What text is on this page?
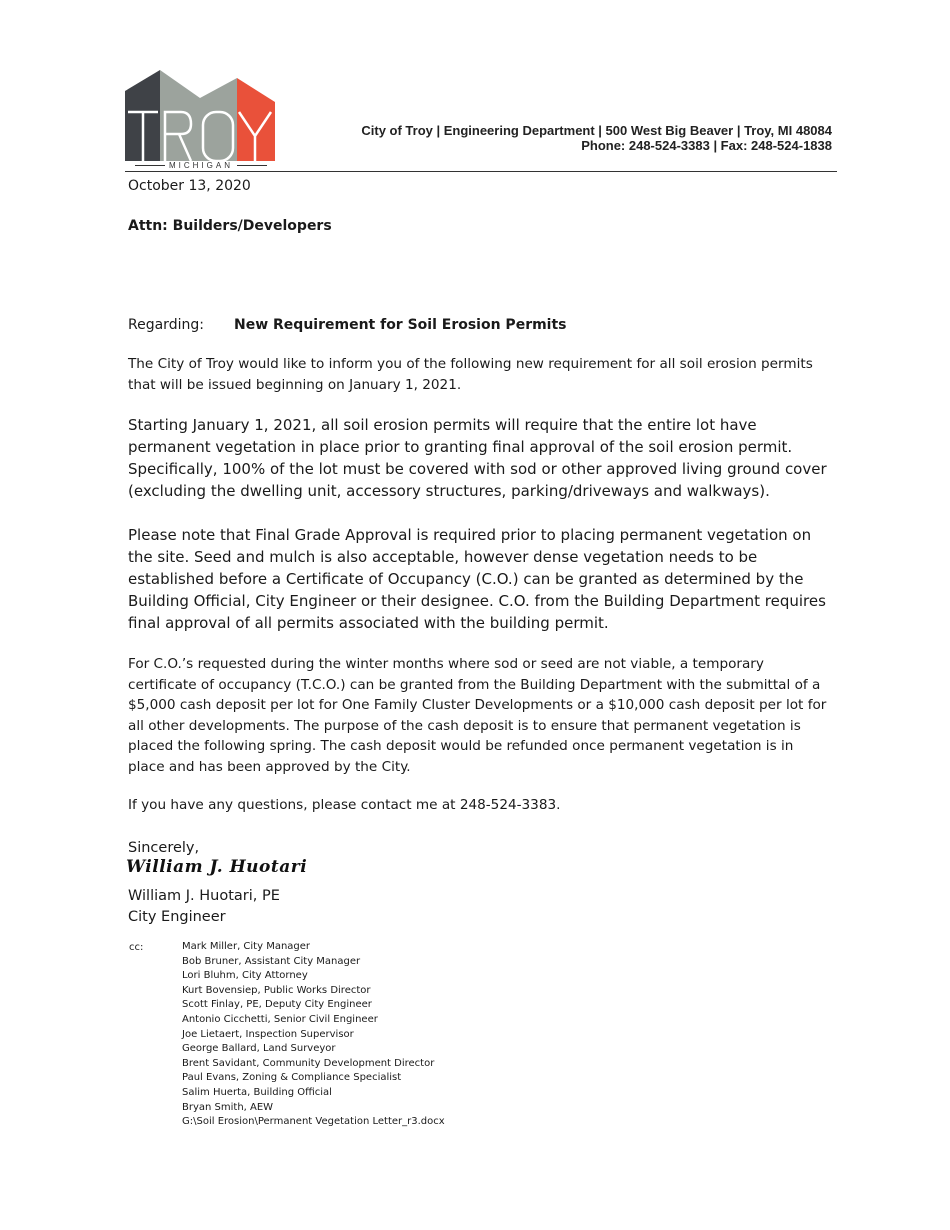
MICHIGAN
City of Troy | Engineering Department | 500 West Big Beaver | Troy, MI 48084
Phone: 248-524-3383 | Fax: 248-524-1838
October 13, 2020
Attn: Builders/Developers
Regarding: New Requirement for Soil Erosion Permits

The City of Troy would like to inform you of the following new requirement for all soil erosion permits that will be issued beginning on January 1, 2021.

Starting January 1, 2021, all soil erosion permits will require that the entire lot have permanent vegetation in place prior to granting final approval of the soil erosion permit. Specifically, 100% of the lot must be covered with sod or other approved living ground cover (excluding the dwelling unit, accessory structures, parking/driveways and walkways).

Please note that Final Grade Approval is required prior to placing permanent vegetation on the site. Seed and mulch is also acceptable, however dense vegetation needs to be established before a Certificate of Occupancy (C.O.) can be granted as determined by the Building Official, City Engineer or their designee. C.O. from the Building Department requires final approval of all permits associated with the building permit.

For C.O.’s requested during the winter months where sod or seed are not viable, a temporary certificate of occupancy (T.C.O.) can be granted from the Building Department with the submittal of a $5,000 cash deposit per lot for One Family Cluster Developments or a $10,000 cash deposit per lot for all other developments. The purpose of the cash deposit is to ensure that permanent vegetation is placed the following spring. The cash deposit would be refunded once permanent vegetation is in place and has been approved by the City.

If you have any questions, please contact me at 248-524-3383.

Sincerely,
William J. Huotari
William J. Huotari, PE
City Engineer
cc:	Mark Miller, City Manager
Bob Bruner, Assistant City Manager
Lori Bluhm, City Attorney
Kurt Bovensiep, Public Works Director
Scott Finlay, PE, Deputy City Engineer
Antonio Cicchetti, Senior Civil Engineer
Joe Lietaert, Inspection Supervisor
George Ballard, Land Surveyor
Brent Savidant, Community Development Director
Paul Evans, Zoning & Compliance Specialist
Salim Huerta, Building Official
Bryan Smith, AEW
G:\Soil Erosion\Permanent Vegetation Letter_r3.docx
